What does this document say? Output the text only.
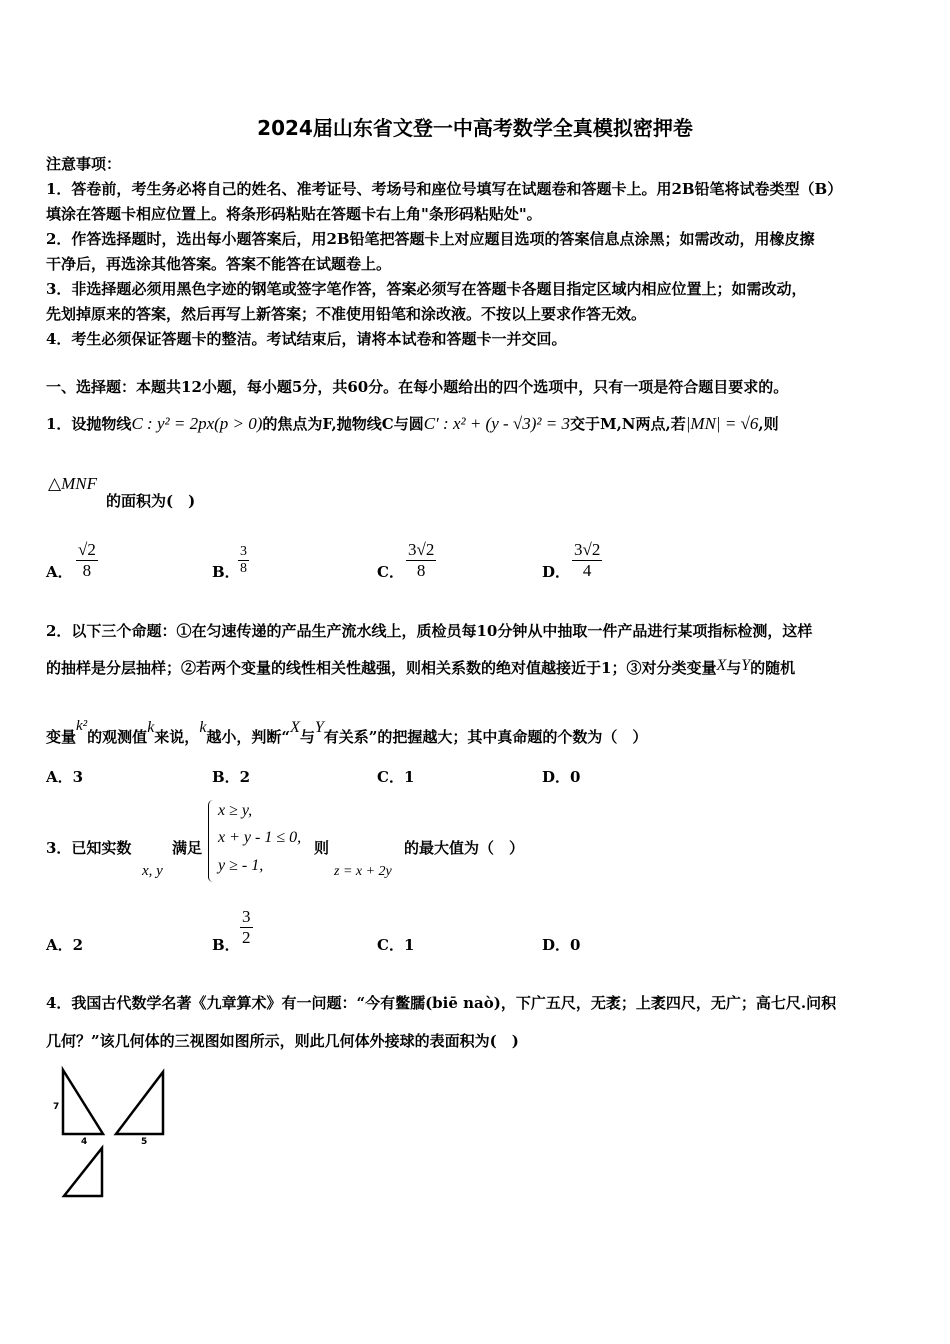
2024届山东省文登一中高考数学全真模拟密押卷
注意事项：
1．答卷前，考生务必将自己的姓名、准考证号、考场号和座位号填写在试题卷和答题卡上。用2B铅笔将试卷类型（B）
填涂在答题卡相应位置上。将条形码粘贴在答题卡右上角"条形码粘贴处"。
2．作答选择题时，选出每小题答案后，用2B铅笔把答题卡上对应题目选项的答案信息点涂黑；如需改动，用橡皮擦
干净后，再选涂其他答案。答案不能答在试题卷上。
3．非选择题必须用黑色字迹的钢笔或签字笔作答，答案必须写在答题卡各题目指定区域内相应位置上；如需改动，
先划掉原来的答案，然后再写上新答案；不准使用铅笔和涂改液。不按以上要求作答无效。
4．考生必须保证答题卡的整洁。考试结束后，请将本试卷和答题卡一并交回。
一、选择题：本题共12小题，每小题5分，共60分。在每小题给出的四个选项中，只有一项是符合题目要求的。
1．设抛物线C : y² = 2px(p > 0)的焦点为F,抛物线C与圆C′ : x² + (y - √3)² = 3交于M,N两点,若|MN| = √6,则
△MNF
的面积为(　)
A． $\frac{√2}{8}$	B．
$\frac{3}{8}$	C． $\frac{3√2}{8}$	D． $\frac{3√2}{4}$
2．以下三个命题：①在匀速传递的产品生产流水线上，质检员每10分钟从中抽取一件产品进行某项指标检测，这样
的抽样是分层抽样；②若两个变量的线性相关性越强，则相关系数的绝对值越接近于1；③对分类变量X与Y的随机
变量k²的观测值k来说，k越小，判断“X与Y有关系”的把握越大；其中真命题的个数为（　）
A．3	B．2	C．1	D．0
3．已知实数
x, y
满足
x ≥ y,
x + y - 1 ≤ 0,
y ≥ - 1,
则
z = x + 2y
的最大值为（　）
A．2	B． $\frac{3}{2}$	C．1	D．0
4．我国古代数学名著《九章算术》有一问题：“今有鳖臑(biē naò)，下广五尺，无袤；上袤四尺，无广；高七尺.问积
几何？”该几何体的三视图如图所示，则此几何体外接球的表面积为(　)
7
4	5
